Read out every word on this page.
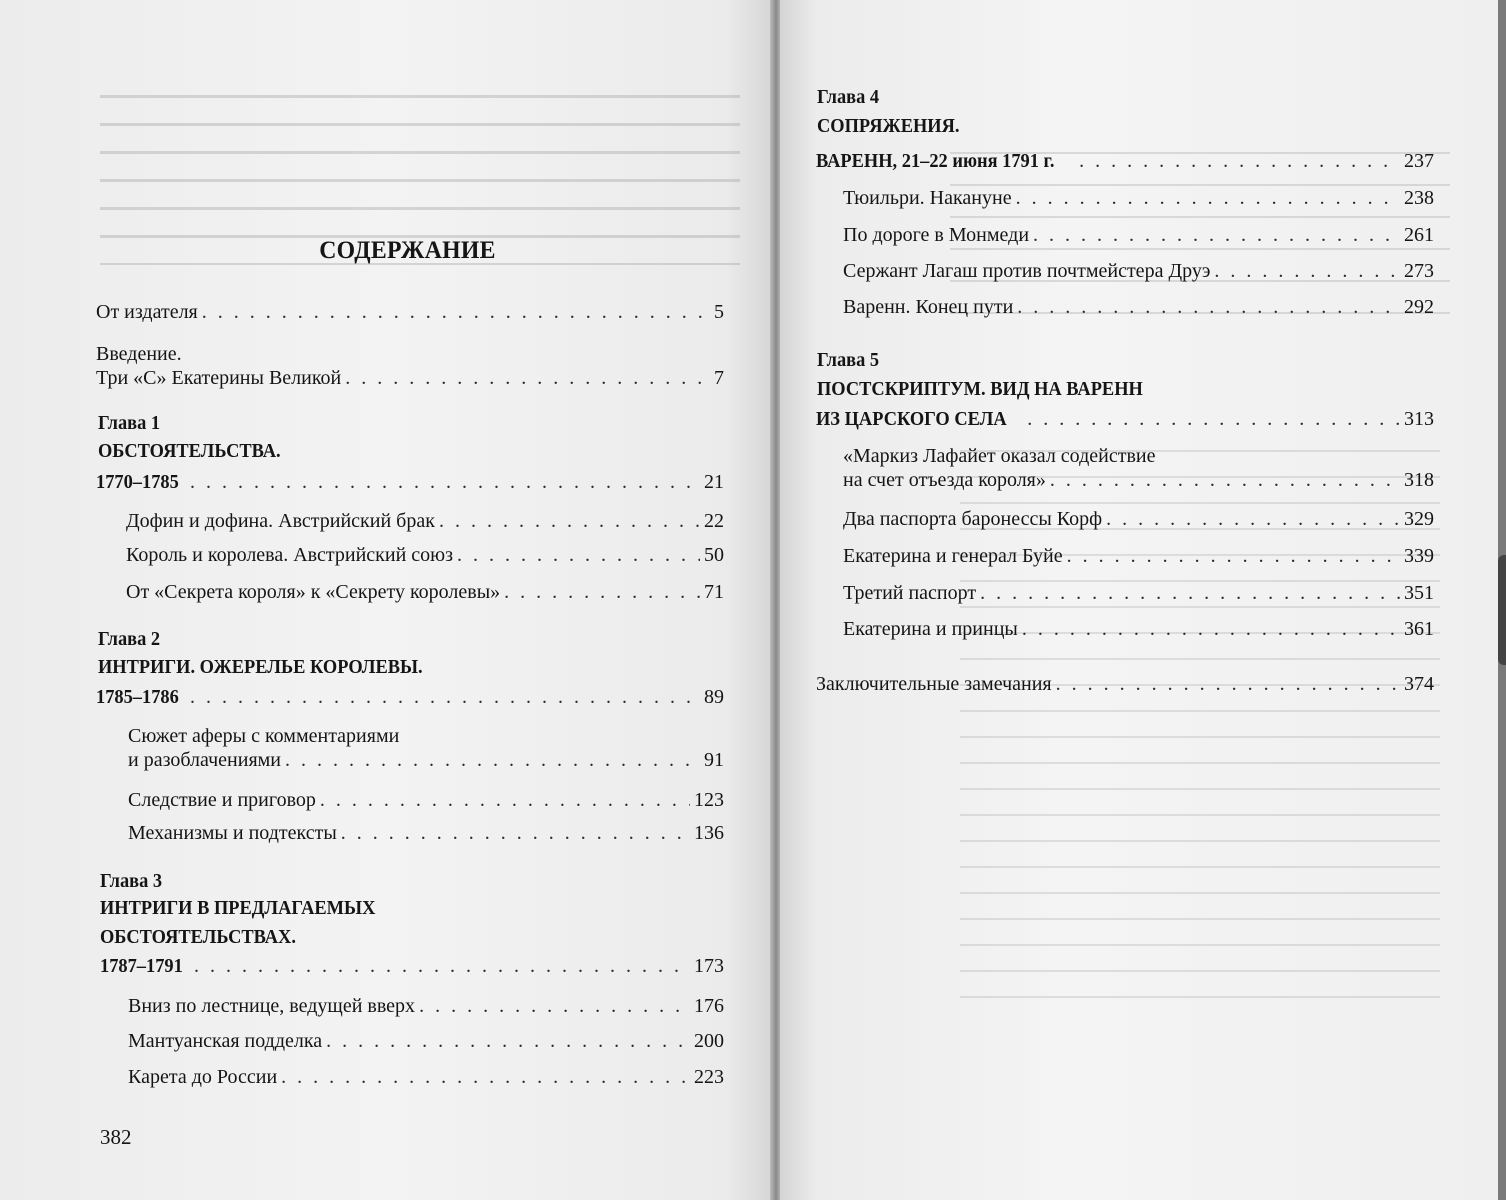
СОДЕРЖАНИЕ
От издателя . . .	5
Введение.
Три «С» Екатерины Великой . . .	7
Глава 1
ОБСТОЯТЕЛЬСТВА.
1770–1785 . . .	21
Дофин и дофина. Австрийский брак . . .	22
Король и королева. Австрийский союз . . .	50
От «Секрета короля» к «Секрету королевы» . . .	71
Глава 2
ИНТРИГИ. ОЖЕРЕЛЬЕ КОРОЛЕВЫ.
1785–1786 . . .	89
Сюжет аферы с комментариями
и разоблачениями . . .	91
Следствие и приговор . . .	123
Механизмы и подтексты . . .	136
Глава 3
ИНТРИГИ В ПРЕДЛАГАЕМЫХ
ОБСТОЯТЕЛЬСТВАХ.
1787–1791 . . .	173
Вниз по лестнице, ведущей вверх . . .	176
Мантуанская подделка . . .	200
Карета до России . . .	223
382
Глава 4
СОПРЯЖЕНИЯ.
ВАРЕНН, 21–22 июня 1791 г. . . .	237
Тюильри. Накануне . . .	238
По дороге в Монмеди . . .	261
Сержант Лагаш против почтмейстера Друэ . . .	273
Варенн. Конец пути . . .	292
Глава 5
ПОСТСКРИПТУМ. ВИД НА ВАРЕНН
ИЗ ЦАРСКОГО СЕЛА . . .	313
«Маркиз Лафайет оказал содействие
на счет отъезда короля» . . .	318
Два паспорта баронессы Корф . . .	329
Екатерина и генерал Буйе . . .	339
Третий паспорт . . .	351
Екатерина и принцы . . .	361
Заключительные замечания . . .	374
